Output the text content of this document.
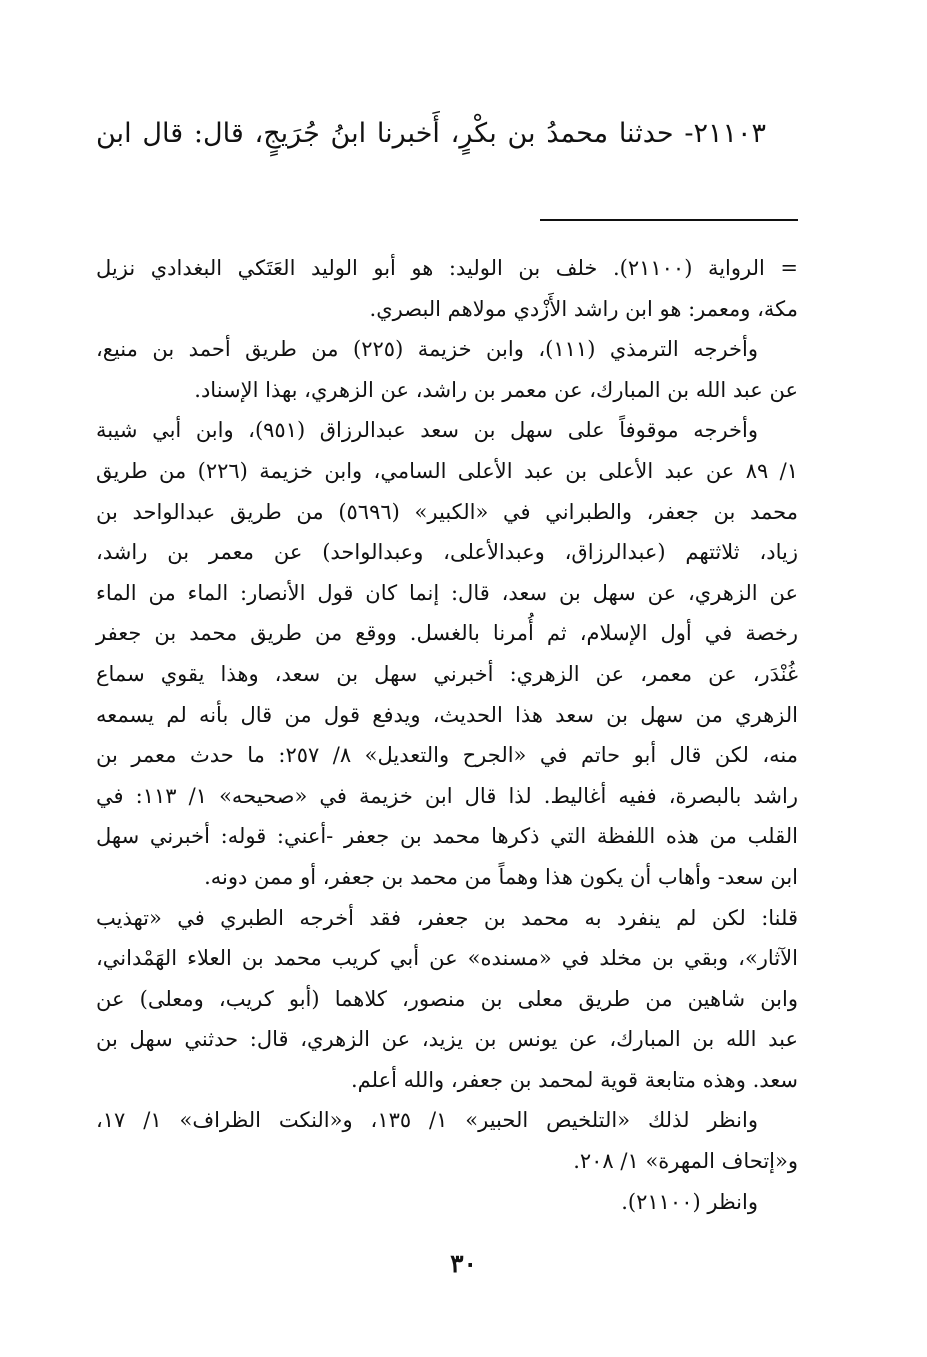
٢١١٠٣- حدثنا محمدُ بن بكْرٍ، أَخبرنا ابنُ جُرَيجٍ، قال: قال ابن
= الرواية (٢١١٠٠). خلف بن الوليد: هو أبو الوليد العَتَكي البغدادي نزيل
مكة، ومعمر: هو ابن راشد الأَزْدي مولاهم البصري.
وأخرجه الترمذي (١١١)، وابن خزيمة (٢٢٥) من طريق أحمد بن منيع،
عن عبد الله بن المبارك، عن معمر بن راشد، عن الزهري، بهذا الإسناد.
وأخرجه موقوفاً على سهل بن سعد عبدالرزاق (٩٥١)، وابن أبي شيبة
١/ ٨٩ عن عبد الأعلى بن عبد الأعلى السامي، وابن خزيمة (٢٢٦) من طريق
محمد بن جعفر، والطبراني في «الكبير» (٥٦٩٦) من طريق عبدالواحد بن
زياد، ثلاثتهم (عبدالرزاق، وعبدالأعلى، وعبدالواحد) عن معمر بن راشد،
عن الزهري، عن سهل بن سعد، قال: إنما كان قول الأنصار: الماء من الماء
رخصة في أول الإسلام، ثم أُمرنا بالغسل. ووقع من طريق محمد بن جعفر
غُنْدَر، عن معمر، عن الزهري: أخبرني سهل بن سعد، وهذا يقوي سماع
الزهري من سهل بن سعد هذا الحديث، ويدفع قول من قال بأنه لم يسمعه
منه، لكن قال أبو حاتم في «الجرح والتعديل» ٨/ ٢٥٧: ما حدث معمر بن
راشد بالبصرة، ففيه أغاليط. لذا قال ابن خزيمة في «صحيحه» ١/ ١١٣: في
القلب من هذه اللفظة التي ذكرها محمد بن جعفر -أعني: قوله: أخبرني سهل
ابن سعد- وأهاب أن يكون هذا وهماً من محمد بن جعفر، أو ممن دونه.
قلنا: لكن لم ينفرد به محمد بن جعفر، فقد أخرجه الطبري في «تهذيب
الآثار»، وبقي بن مخلد في «مسنده» عن أبي كريب محمد بن العلاء الهَمْداني،
وابن شاهين من طريق معلى بن منصور، كلاهما (أبو كريب، ومعلى) عن
عبد الله بن المبارك، عن يونس بن يزيد، عن الزهري، قال: حدثني سهل بن
سعد. وهذه متابعة قوية لمحمد بن جعفر، والله أعلم.
وانظر لذلك «التلخيص الحبير» ١/ ١٣٥، و«النكت الظراف» ١/ ١٧،
و«إتحاف المهرة» ١/ ٢٠٨.
وانظر (٢١١٠٠).
٣٠
